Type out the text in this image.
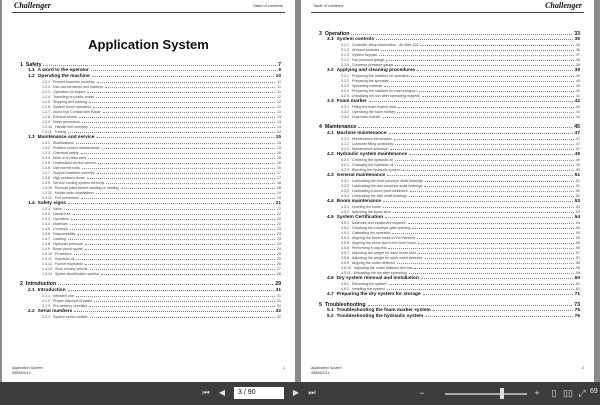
Challenger	Table of contents
Application System
1 Safety	7
1.1 A word to the operator	9
1.2 Operating the machine	10
1.2.1 Prevent machine runaway	11
1.2.2 Use correct lamps and markers	11
1.2.3 Operation on slopes	11
1.2.4 Travelling on public roads	12
1.2.5 Stopping and parking	12
1.2.6 System boom operation	12
1.2.7 Avoid Eye Contact with Radar	13
1.2.8 Exhaust fumes	13
1.2.9 Noise prevention	13
1.2.10 Handle fuel correctly	14
1.2.11 Towing	14
1.3 Maintenance and service	15
1.3.1 Modifications	15
1.3.2 Practice correct maintenance	15
1.3.3 Chemical safety	16
1.3.4 Work in a clean area	16
1.3.5 Understand correct service	16
1.3.6 Use correct tools	16
1.3.7 Support machine correctly	17
1.3.8 High pressure fluids	17
1.3.9 Service cooling system correctly	18
1.3.10 Remove paint before welding or heating	18
1.3.11 Mobile radio installations	19
1.3.12 Fire prevention	19
1.4 Safety signs	21
1.4.1 Valve	21
1.4.2 Hands free	22
1.4.3 Operation	22
1.4.4 Materials	22
1.4.5 Conveyor	23
1.4.6 Responsibility	23
1.4.7 Loading	23
1.4.8 Hydraulic pressure	24
1.4.9 Boom pinch points	24
1.4.10 Procedure	25
1.4.11 Hydraulic oil	25
1.4.12 Funnel inspection	26
1.4.13 Slow moving vehicle	27
1.4.14 Speed identification symbol	28
2 Introduction	29
2.1 Introduction	31
2.1.1 Intended use	31
2.1.2 Proper disposal of waste	31
2.1.3 Pre-delivery checklist	31
2.2 Serial numbers	32
2.2.1 System serial number	32
Application System
598992D14
1
Table of contents	Challenger
3 Operation	33
3.1 System controls	35
3.1.1 Controller setup information - Air Max 100	35
3.1.2 Armrest switches	36
3.1.3 System keypad	37
3.1.4 Fan pressure gauge	38
3.1.5 Conveyor pressure gauge	38
3.2 Applying and cleaning procedures	39
3.2.1 Preparing the machine for operation	39
3.2.2 Preparing the spreader	40
3.2.3 Spreading material	40
3.2.4 Preparing the machine for road transport	40
3.2.5 Unloading the box after spreading material	41
3.3 Foam marker	42
3.3.1 Filling the foam marker tank	42
3.3.2 Operating the foam marker	42
3.3.3 Dual foam marker	43
4 Maintenance	45
4.1 Machine maintenance	47
4.1.1 Maintenance introduction	47
4.1.2 Lubricant filling schedules	47
4.1.3 Maintenance schedule	47
4.2 Hydraulic system maintenance	49
4.2.1 Checking the hydraulic oil	49
4.2.2 Changing the hydraulic oil	49
4.2.3 Bleeding the hydraulic system	50
4.3 General maintenance	51
4.3.1 Lubricating the front conveyor shaft bearings	51
4.3.2 Lubricating the rear conveyor shaft bearings	51
4.3.3 Lubricating a boom pivot weldment	52
4.3.4 Lubricating the idler shaft bearings	52
4.4 Boom maintenance	53
4.4.1 Leveling the boom	53
4.4.2 Adjusting the boom strut	53
4.5 System Certification	54
4.5.1 Materials and equipment required	54
4.5.2 Checking the conveyor gate opening	54
4.5.3 Calibrating the spreader	54
4.5.4 Aligning the boom tubes to the manifold	55
4.5.5 Aligning the boom tips to the inner boom	56
4.5.6 Performing a bag test	56
4.5.7 Adjusting the weight for each boom tube	57
4.5.8 Adjusting the weight for each outlet deflector	57
4.5.9 Aligning the outlet deflector	58
4.5.10 Adjusting the outlet deflector trim tab	58
4.5.11 Unloading the bin after spreading	59
4.6 Dry system removal and installation	60
4.6.1 Removing the system	61
4.6.2 Installing the system	61
4.7 Preparing the dry system for storage	71
5 Troubleshooting	73
5.1 Troubleshooting the foam marker system	75
5.2 Troubleshooting the hydraulic system	76
Application System
598992D14
2
⏮	◀	3 / 90	▶	⏭	−	+	▯ ▯▯ ⤢ 69
